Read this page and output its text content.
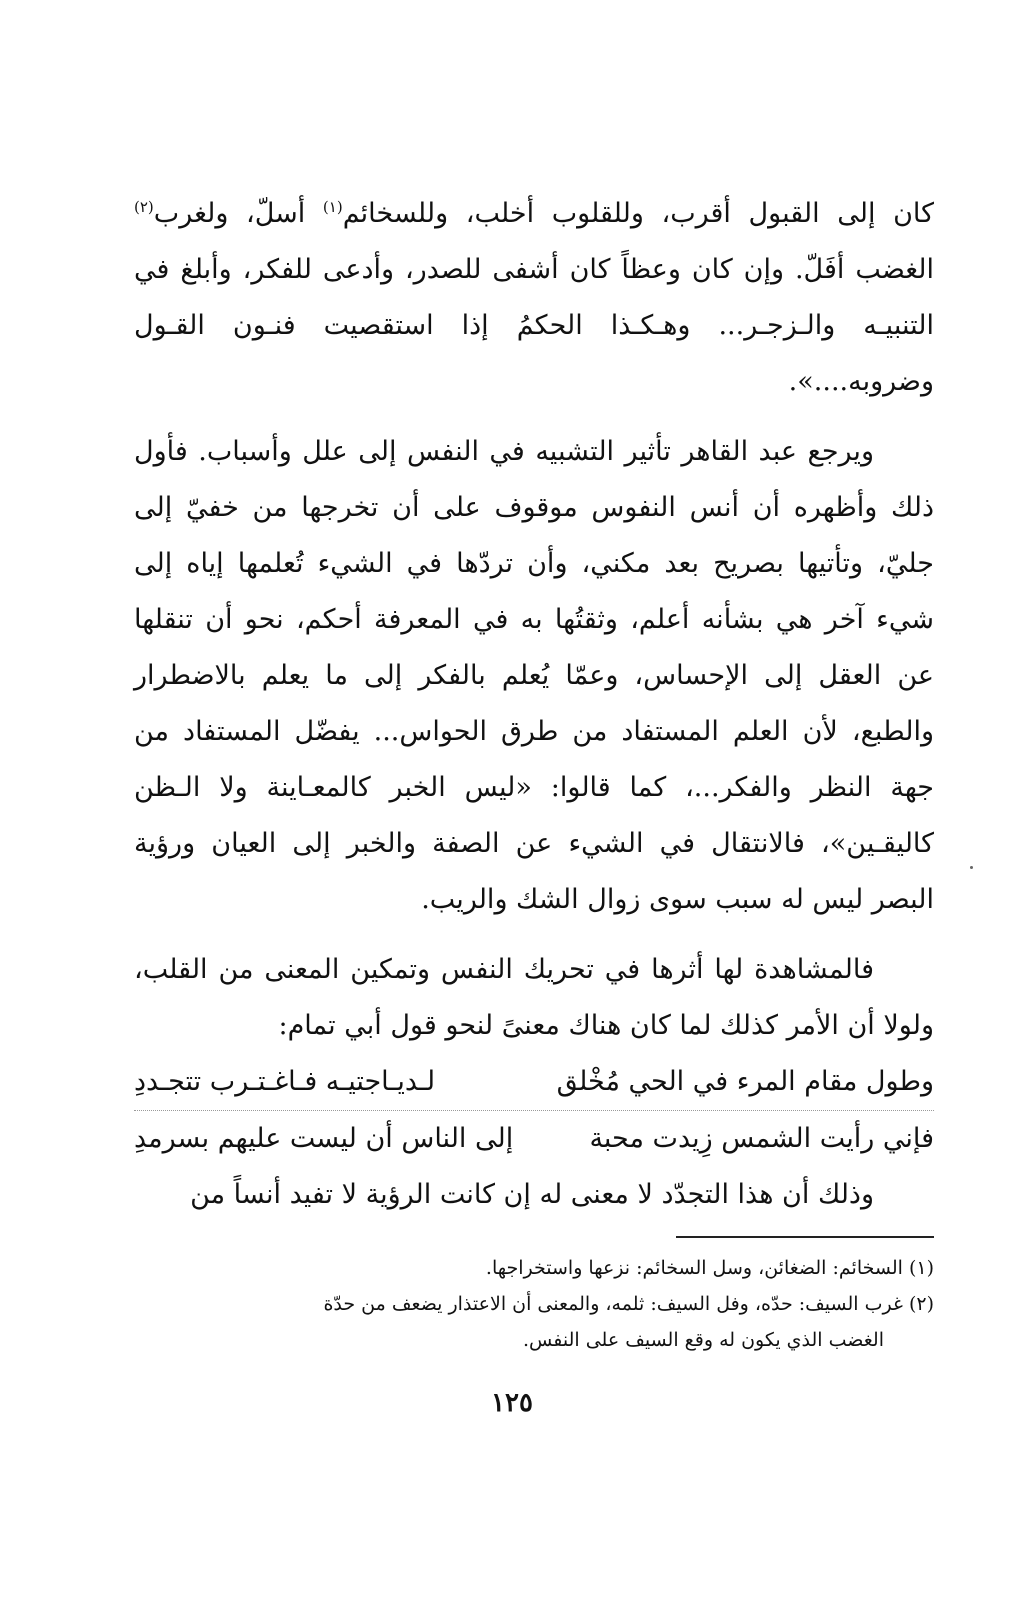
كان إلى القبول أقرب، وللقلوب أخلب، وللسخائم$^{(١)}$ أسلّ، ولغرب$^{(٢)}$ الغضب أفَلّ. وإن كان وعظاً كان أشفى للصدر، وأدعى للفكر، وأبلغ في التنبيـه والـزجـر... وهـكـذا الحكمُ إذا استقصيت فنـون القـول وضروبه....».

ويرجع عبد القاهر تأثير التشبيه في النفس إلى علل وأسباب. فأول ذلك وأظهره أن أنس النفوس موقوف على أن تخرجها من خفيّ إلى جليّ، وتأتيها بصريح بعد مكني، وأن تردّها في الشيء تُعلمها إياه إلى شيء آخر هي بشأنه أعلم، وثقتُها به في المعرفة أحكم، نحو أن تنقلها عن العقل إلى الإحساس، وعمّا يُعلم بالفكر إلى ما يعلم بالاضطرار والطبع، لأن العلم المستفاد من طرق الحواس... يفضّل المستفاد من جهة النظر والفكر...، كما قالوا: «ليس الخبر كالمعـاينة ولا الـظن كاليقـين»، فالانتقال في الشيء عن الصفة والخبر إلى العيان ورؤية البصر ليس له سبب سوى زوال الشك والريب.

فالمشاهدة لها أثرها في تحريك النفس وتمكين المعنى من القلب، ولولا أن الأمر كذلك لما كان هناك معنىً لنحو قول أبي تمام:

وطول مقام المرء في الحي مُخْلق
لـديـاجتيـه فـاغـتـرب تتجـددِ
فإني رأيت الشمس زِيدت محبة
إلى الناس أن ليست عليهم بسرمدِ

وذلك أن هذا التجدّد لا معنى له إن كانت الرؤية لا تفيد أنساً من

(١) السخائم: الضغائن، وسل السخائم: نزعها واستخراجها.

(٢) غرب السيف: حدّه، وفل السيف: ثلمه، والمعنى أن الاعتذار يضعف من حدّة

الغضب الذي يكون له وقع السيف على النفس.

١٢٥
